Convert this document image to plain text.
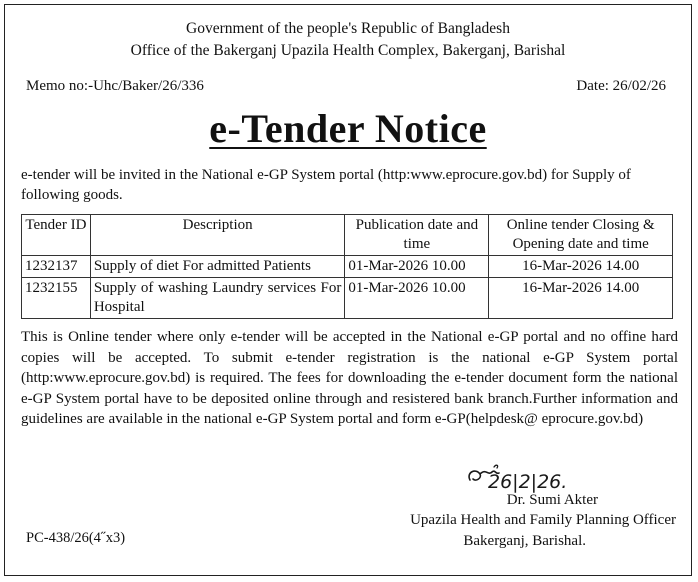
Government of the people's Republic of Bangladesh
Office of the Bakerganj Upazila Health Complex, Bakerganj, Barishal
Memo no:-Uhc/Baker/26/336	Date: 26/02/26
e-Tender Notice
e-tender will be invited in the National e-GP System portal (http:www.eprocure.gov.bd) for Supply of following goods.
Tender ID	Description	Publication date and time	Online tender Closing & Opening date and time
1232137	Supply of diet For admitted Patients	01-Mar-2026 10.00	16-Mar-2026 14.00
1232155	Supply of washing Laundry services For Hospital	01-Mar-2026 10.00	16-Mar-2026 14.00
This is Online tender where only e-tender will be accepted in the National e-GP portal and no offine hard copies will be accepted. To submit e-tender registration is the national e-GP System portal (http:www.eprocure.gov.bd) is required. The fees for downloading the e-tender document form the national e-GP System portal have to be deposited online through and resistered bank branch.Further information and guidelines are available in the national e-GP System portal and form e-GP(helpdesk@ eprocure.gov.bd)
26|2|26.
PC-438/26(4˝x3)
Dr. Sumi Akter
Upazila Health and Family Planning Officer
Bakerganj, Barishal.
